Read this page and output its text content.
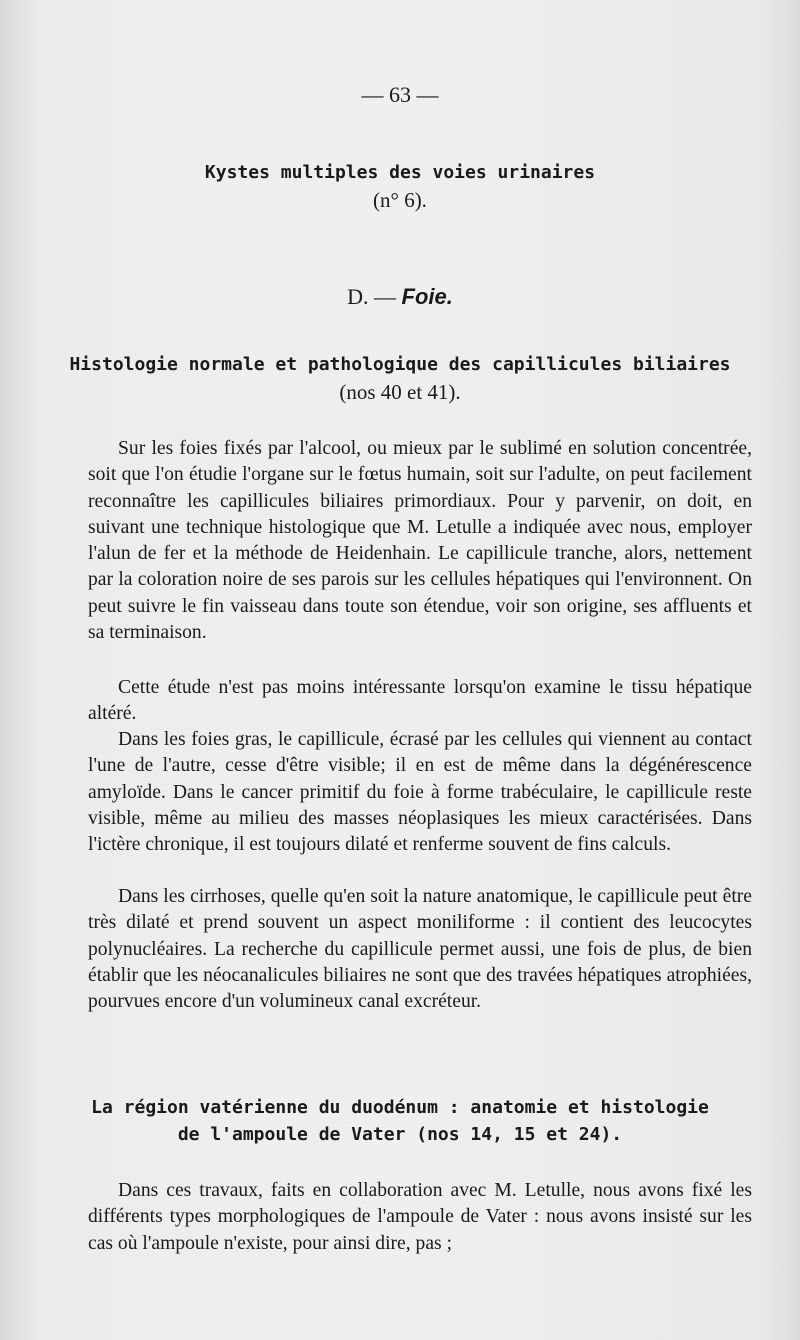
— 63 —
Kystes multiples des voies urinaires
(n° 6).
D. — Foie.
Histologie normale et pathologique des capillicules biliaires
(nos 40 et 41).

Sur les foies fixés par l'alcool, ou mieux par le sublimé en solution concentrée, soit que l'on étudie l'organe sur le fœtus humain, soit sur l'adulte, on peut facilement reconnaître les capillicules biliaires primordiaux. Pour y parvenir, on doit, en suivant une technique histologique que M. Letulle a indiquée avec nous, employer l'alun de fer et la méthode de Heidenhain. Le capillicule tranche, alors, nettement par la coloration noire de ses parois sur les cellules hépatiques qui l'environnent. On peut suivre le fin vaisseau dans toute son étendue, voir son origine, ses affluents et sa terminaison.

Cette étude n'est pas moins intéressante lorsqu'on examine le tissu hépatique altéré.

Dans les foies gras, le capillicule, écrasé par les cellules qui viennent au contact l'une de l'autre, cesse d'être visible; il en est de même dans la dégénérescence amyloïde. Dans le cancer primitif du foie à forme trabéculaire, le capillicule reste visible, même au milieu des masses néoplasiques les mieux caractérisées. Dans l'ictère chronique, il est toujours dilaté et renferme souvent de fins calculs.

Dans les cirrhoses, quelle qu'en soit la nature anatomique, le capillicule peut être très dilaté et prend souvent un aspect moniliforme : il contient des leucocytes polynucléaires. La recherche du capillicule permet aussi, une fois de plus, de bien établir que les néocanalicules biliaires ne sont que des travées hépatiques atrophiées, pourvues encore d'un volumineux canal excréteur.

La région vatérienne du duodénum : anatomie et histologie
de l'ampoule de Vater (nos 14, 15 et 24).

Dans ces travaux, faits en collaboration avec M. Letulle, nous avons fixé les différents types morphologiques de l'ampoule de Vater : nous avons insisté sur les cas où l'ampoule n'existe, pour ainsi dire, pas ;
